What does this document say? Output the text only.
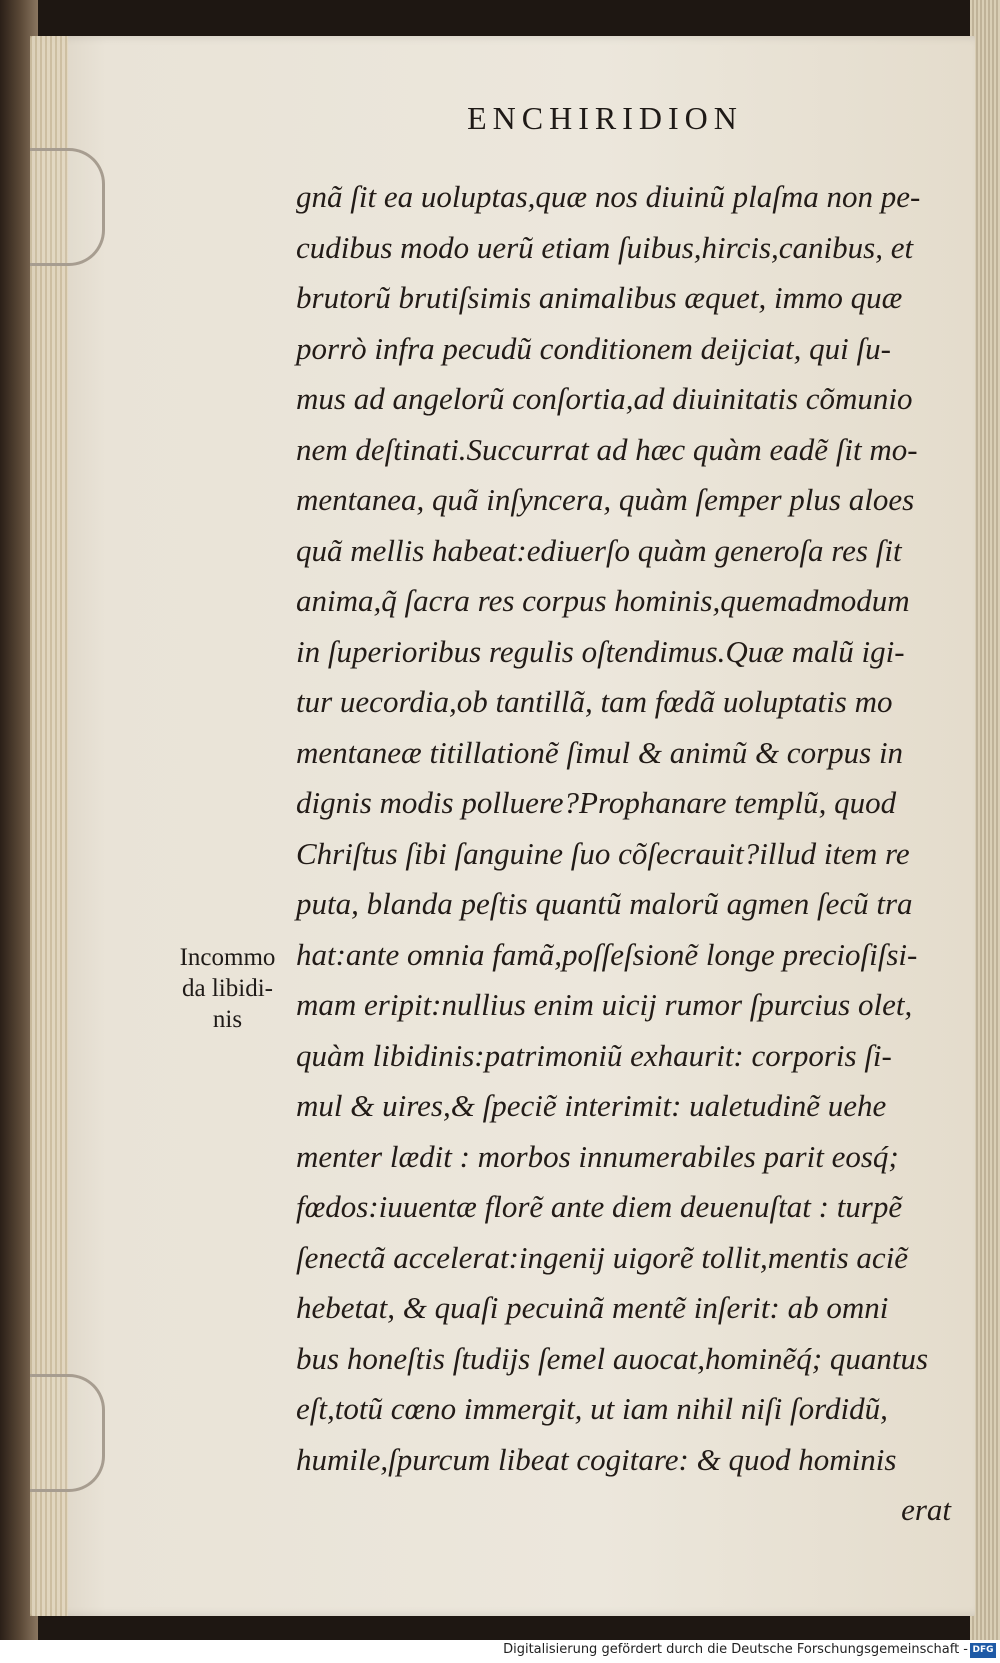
ENCHIRIDION
gnã ſit ea uoluptas,quæ nos diuinũ plaſma non pe-
cudibus modo uerũ etiam ſuibus,hircis,canibus, et
brutorũ brutiſsimis animalibus æquet, immo quæ
porrò infra pecudũ conditionem deijciat, qui ſu-
mus ad angelorũ conſortia,ad diuinitatis cõmunio
nem deſtinati.Succurrat ad hæc quàm eadẽ ſit mo-
mentanea, quã inſyncera, quàm ſemper plus aloes
quã mellis habeat:ediuerſo quàm generoſa res ſit
anima,q̃ ſacra res corpus hominis,quemadmodum
in ſuperioribus regulis oſtendimus.Quæ malũ igi-
tur uecordia,ob tantillã, tam fœdã uoluptatis mo
mentaneæ titillationẽ ſimul & animũ & corpus in
dignis modis polluere?Prophanare templũ, quod
Chriſtus ſibi ſanguine ſuo cõſecrauit?illud item re
puta, blanda peſtis quantũ malorũ agmen ſecũ tra
hat:ante omnia famã,poſſeſsionẽ longe precioſiſsi-
mam eripit:nullius enim uicij rumor ſpurcius olet,
quàm libidinis:patrimoniũ exhaurit: corporis ſi-
mul & uires,& ſpeciẽ interimit: ualetudinẽ uehe
menter lædit : morbos innumerabiles parit eosq́;
fœdos:iuuentæ florẽ ante diem deuenuſtat : turpẽ
ſenectã accelerat:ingenij uigorẽ tollit,mentis aciẽ
hebetat, & quaſi pecuinã mentẽ inſerit: ab omni
bus honeſtis ſtudijs ſemel auocat,hominẽq́; quantus
eſt,totũ cœno immergit, ut iam nihil niſi ſordidũ,
humile,ſpurcum libeat cogitare: & quod hominis
erat
Incommo
da libidi-
nis
Digitalisierung gefördert durch die Deutsche Forschungsgemeinschaft - DFG
